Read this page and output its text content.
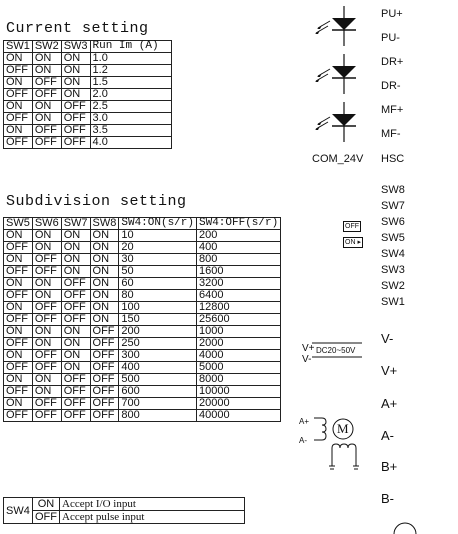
Current setting
SW1	SW2	SW3	Run Im (A)
ON	ON	ON	1.0
OFF	ON	ON	1.2
ON	OFF	ON	1.5
OFF	OFF	ON	2.0
ON	ON	OFF	2.5
OFF	ON	OFF	3.0
ON	OFF	OFF	3.5
OFF	OFF	OFF	4.0
Subdivision setting
SW5	SW6	SW7	SW8	SW4:ON(s/r)	SW4:OFF(s/r)
ON	ON	ON	ON	10	200
OFF	ON	ON	ON	20	400
ON	OFF	ON	ON	30	800
OFF	OFF	ON	ON	50	1600
ON	ON	OFF	ON	60	3200
OFF	ON	OFF	ON	80	6400
ON	OFF	OFF	ON	100	12800
OFF	OFF	OFF	ON	150	25600
ON	ON	ON	OFF	200	1000
OFF	ON	ON	OFF	250	2000
ON	OFF	ON	OFF	300	4000
OFF	OFF	ON	OFF	400	5000
ON	ON	OFF	OFF	500	8000
OFF	ON	OFF	OFF	600	10000
ON	OFF	OFF	OFF	700	20000
OFF	OFF	OFF	OFF	800	40000
SW4	ON	Accept I/O input
	OFF	Accept pulse input
PU+
PU-
DR+
DR-
MF+
MF-
COM_24V HSC
SW8
SW7
SW6
SW5
SW4
SW3
SW2
SW1
OFF
ON ▸
V+
V-
DC20~50V
V-
V+
A+
A-
B+
B-
A+
A-
M
